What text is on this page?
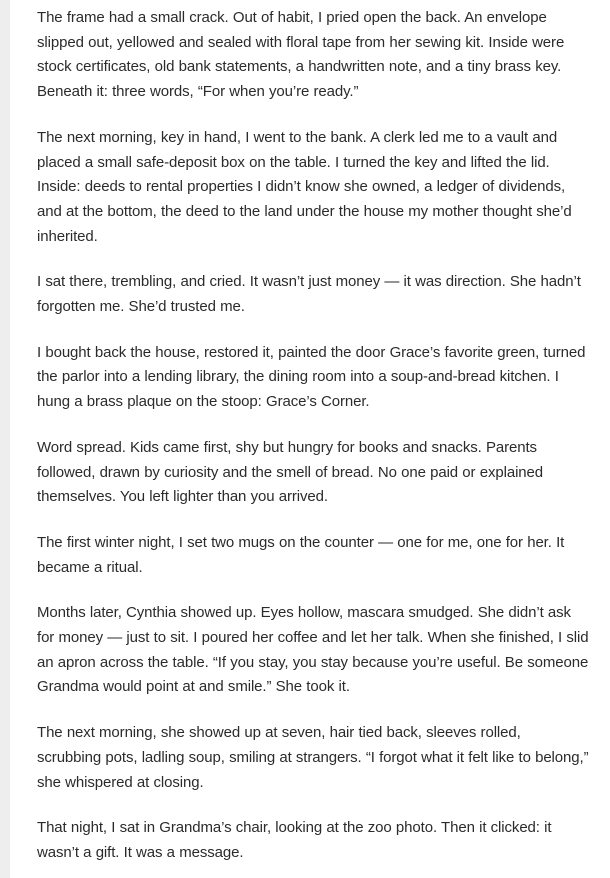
The frame had a small crack. Out of habit, I pried open the back. An envelope slipped out, yellowed and sealed with floral tape from her sewing kit. Inside were stock certificates, old bank statements, a handwritten note, and a tiny brass key. Beneath it: three words, “For when you’re ready.”

The next morning, key in hand, I went to the bank. A clerk led me to a vault and placed a small safe-deposit box on the table. I turned the key and lifted the lid. Inside: deeds to rental properties I didn’t know she owned, a ledger of dividends, and at the bottom, the deed to the land under the house my mother thought she’d inherited.

I sat there, trembling, and cried. It wasn’t just money — it was direction. She hadn’t forgotten me. She’d trusted me.

I bought back the house, restored it, painted the door Grace’s favorite green, turned the parlor into a lending library, the dining room into a soup-and-bread kitchen. I hung a brass plaque on the stoop: Grace’s Corner.

Word spread. Kids came first, shy but hungry for books and snacks. Parents followed, drawn by curiosity and the smell of bread. No one paid or explained themselves. You left lighter than you arrived.

The first winter night, I set two mugs on the counter — one for me, one for her. It became a ritual.

Months later, Cynthia showed up. Eyes hollow, mascara smudged. She didn’t ask for money — just to sit. I poured her coffee and let her talk. When she finished, I slid an apron across the table. “If you stay, you stay because you’re useful. Be someone Grandma would point at and smile.” She took it.

The next morning, she showed up at seven, hair tied back, sleeves rolled, scrubbing pots, ladling soup, smiling at strangers. “I forgot what it felt like to belong,” she whispered at closing.

That night, I sat in Grandma’s chair, looking at the zoo photo. Then it clicked: it wasn’t a gift. It was a message.
